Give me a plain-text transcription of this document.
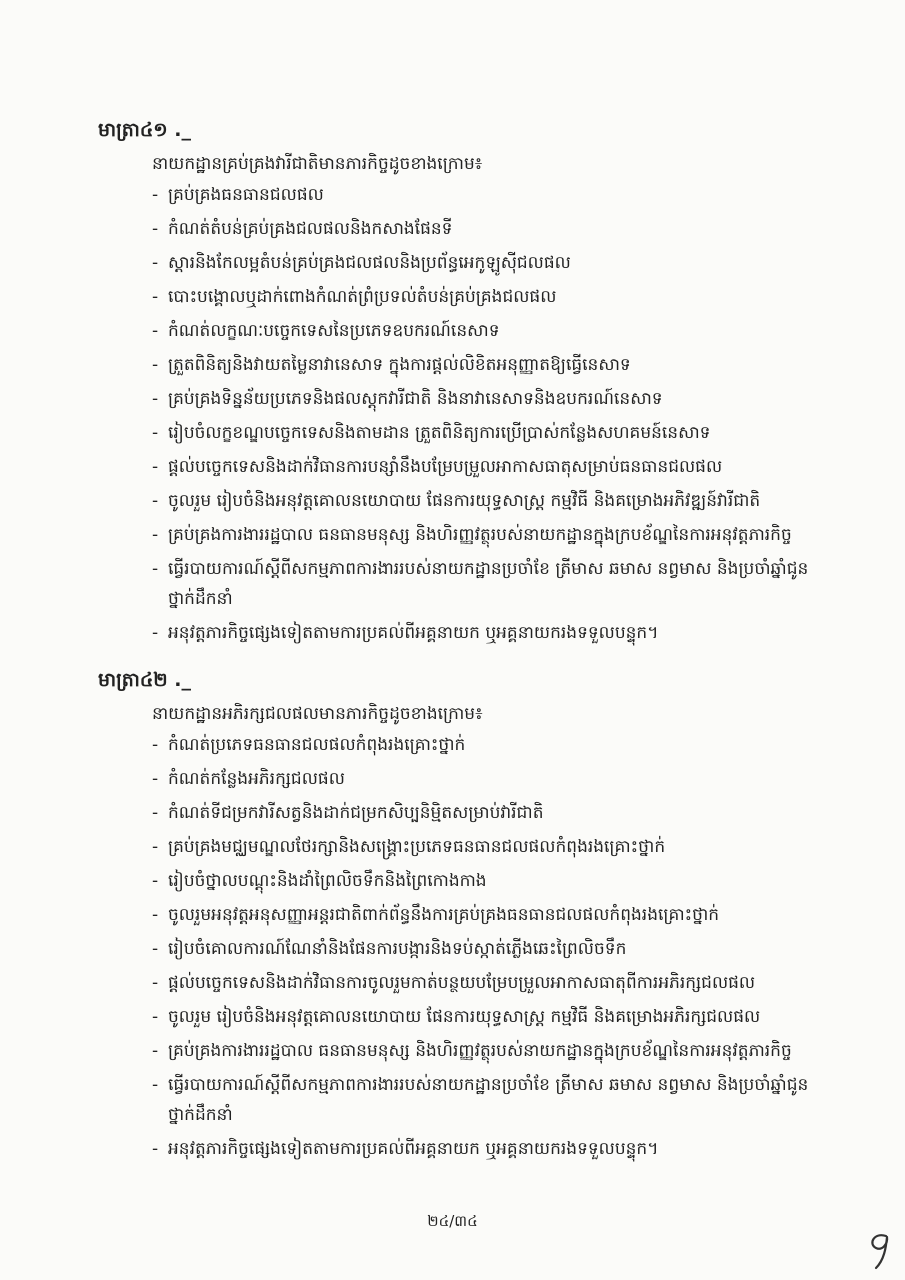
មាត្រា៤១ ._
នាយកដ្ឋានគ្រប់គ្រងវារីជាតិមានភារកិច្ចដូចខាងក្រោម៖
- គ្រប់គ្រងធនធានជលផល
- កំណត់តំបន់គ្រប់គ្រងជលផលនិងកសាងផែនទី
- ស្តារនិងកែលម្អតំបន់គ្រប់គ្រងជលផលនិងប្រព័ន្ធអេកូឡូស៊ីជលផល
- បោះបង្គោលឬដាក់ពោងកំណត់ព្រំប្រទល់តំបន់គ្រប់គ្រងជលផល
- កំណត់លក្ខណៈបច្ចេកទេសនៃប្រភេទឧបករណ៍នេសាទ
- ត្រួតពិនិត្យនិងវាយតម្លៃនាវានេសាទ ក្នុងការផ្តល់លិខិតអនុញ្ញាតឱ្យធ្វើនេសាទ
- គ្រប់គ្រងទិន្នន័យប្រភេទនិងផលស្តុកវារីជាតិ និងនាវានេសាទនិងឧបករណ៍នេសាទ
- រៀបចំលក្ខខណ្ឌបច្ចេកទេសនិងតាមដាន ត្រួតពិនិត្យការប្រើប្រាស់កន្លែងសហគមន៍នេសាទ
- ផ្តល់បច្ចេកទេសនិងដាក់វិធានការបន្សាំនឹងបម្រែបម្រួលអាកាសធាតុសម្រាប់ធនធានជលផល
- ចូលរួម រៀបចំនិងអនុវត្តគោលនយោបាយ ផែនការយុទ្ធសាស្ត្រ កម្មវិធី និងគម្រោងអភិវឌ្ឍន៍វារីជាតិ
- គ្រប់គ្រងការងាររដ្ឋបាល ធនធានមនុស្ស និងហិរញ្ញវត្ថុរបស់នាយកដ្ឋានក្នុងក្របខ័ណ្ឌនៃការអនុវត្តភារកិច្ច
- ធ្វើរបាយការណ៍ស្តីពីសកម្មភាពការងាររបស់នាយកដ្ឋានប្រចាំខែ ត្រីមាស ឆមាស នព្វមាស និងប្រចាំឆ្នាំជូនថ្នាក់ដឹកនាំ
- អនុវត្តភារកិច្ចផ្សេងទៀតតាមការប្រគល់ពីអគ្គនាយក ឬអគ្គនាយករងទទួលបន្ទុក។
មាត្រា៤២ ._
នាយកដ្ឋានអភិរក្សជលផលមានភារកិច្ចដូចខាងក្រោម៖
- កំណត់ប្រភេទធនធានជលផលកំពុងរងគ្រោះថ្នាក់
- កំណត់កន្លែងអភិរក្សជលផល
- កំណត់ទីជម្រកវារីសត្វនិងដាក់ជម្រកសិប្បនិម្មិតសម្រាប់វារីជាតិ
- គ្រប់គ្រងមជ្ឈមណ្ឌលថែរក្សានិងសង្គ្រោះប្រភេទធនធានជលផលកំពុងរងគ្រោះថ្នាក់
- រៀបចំថ្នាលបណ្តុះនិងដាំព្រៃលិចទឹកនិងព្រៃកោងកាង
- ចូលរួមអនុវត្តអនុសញ្ញាអន្តរជាតិពាក់ព័ន្ធនឹងការគ្រប់គ្រងធនធានជលផលកំពុងរងគ្រោះថ្នាក់
- រៀបចំគោលការណ៍ណែនាំនិងផែនការបង្ការនិងទប់ស្កាត់ភ្លើងឆេះព្រៃលិចទឹក
- ផ្តល់បច្ចេកទេសនិងដាក់វិធានការចូលរួមកាត់បន្ថយបម្រែបម្រួលអាកាសធាតុពីការអភិរក្សជលផល
- ចូលរួម រៀបចំនិងអនុវត្តគោលនយោបាយ ផែនការយុទ្ធសាស្ត្រ កម្មវិធី និងគម្រោងអភិរក្សជលផល
- គ្រប់គ្រងការងាររដ្ឋបាល ធនធានមនុស្ស និងហិរញ្ញវត្ថុរបស់នាយកដ្ឋានក្នុងក្របខ័ណ្ឌនៃការអនុវត្តភារកិច្ច
- ធ្វើរបាយការណ៍ស្តីពីសកម្មភាពការងាររបស់នាយកដ្ឋានប្រចាំខែ ត្រីមាស ឆមាស នព្វមាស និងប្រចាំឆ្នាំជូនថ្នាក់ដឹកនាំ
- អនុវត្តភារកិច្ចផ្សេងទៀតតាមការប្រគល់ពីអគ្គនាយក ឬអគ្គនាយករងទទួលបន្ទុក។
២៤/៣៤
